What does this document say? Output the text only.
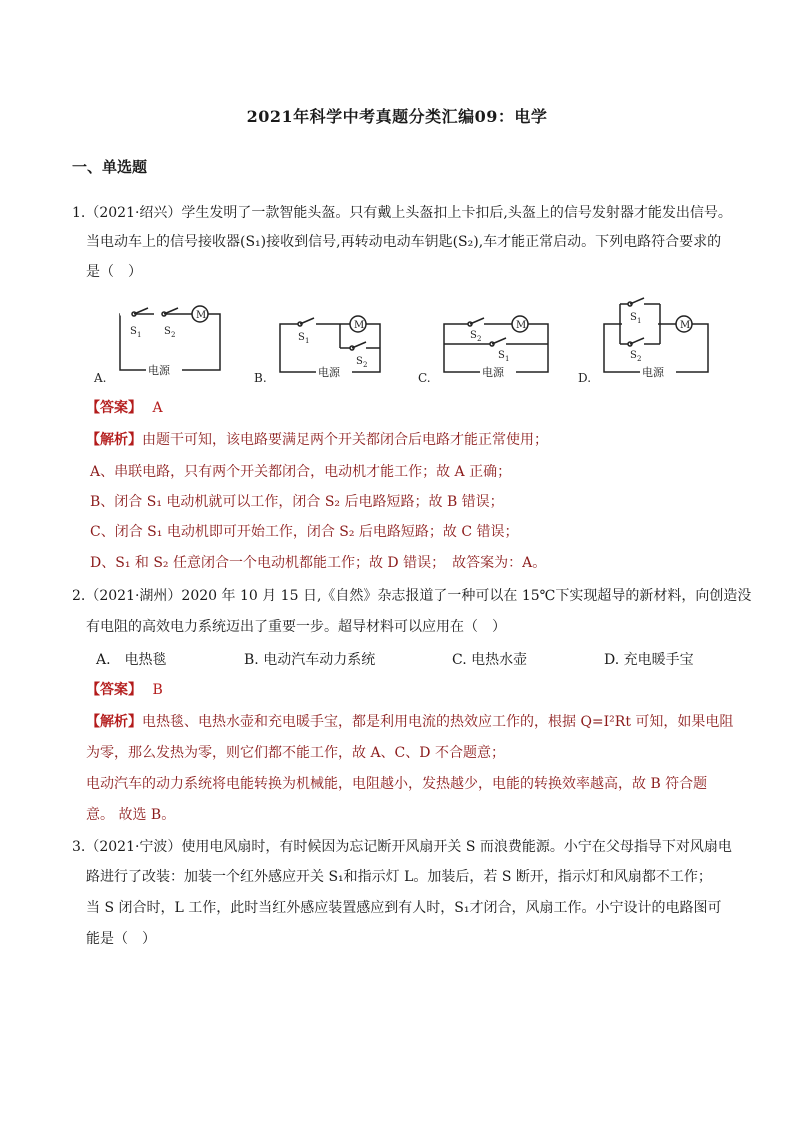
2021年科学中考真题分类汇编09：电学
一、单选题
1.（2021·绍兴）学生发明了一款智能头盔。只有戴上头盔扣上卡扣后,头盔上的信号发射器才能发出信号。
当电动车上的信号接收器(S₁)接收到信号,再转动电动车钥匙(S₂),车才能正常启动。下列电路符合要求的
是（　）
M
电源
S 1 S 2
A.
M
电源
S 1
S 2
B.
M
电源
S 2
S 1
C.
M
电源
S 1
S 2
D.
【答案】 A
【解析】由题干可知，该电路要满足两个开关都闭合后电路才能正常使用；
A、串联电路，只有两个开关都闭合，电动机才能工作；故 A 正确；
B、闭合 S₁ 电动机就可以工作，闭合 S₂ 后电路短路；故 B 错误；
C、闭合 S₁ 电动机即可开始工作，闭合 S₂ 后电路短路；故 C 错误；
D、S₁ 和 S₂ 任意闭合一个电动机都能工作；故 D 错误；　故答案为：A。
2.（2021·湖州）2020 年 10 月 15 日,《自然》杂志报道了一种可以在 15℃下实现超导的新材料，向创造没
有电阻的高效电力系统迈出了重要一步。超导材料可以应用在（　）
A.　电热毯	B. 电动汽车动力系统	C. 电热水壶	D. 充电暖手宝
【答案】 B
【解析】电热毯、电热水壶和充电暖手宝，都是利用电流的热效应工作的，根据 Q=I²Rt 可知，如果电阻
为零，那么发热为零，则它们都不能工作，故 A、C、D 不合题意；
电动汽车的动力系统将电能转换为机械能，电阻越小，发热越少，电能的转换效率越高，故 B 符合题
意。 故选 B。
3.（2021·宁波）使用电风扇时，有时候因为忘记断开风扇开关 S 而浪费能源。小宁在父母指导下对风扇电
路进行了改装：加装一个红外感应开关 S₁和指示灯 L。加装后，若 S 断开，指示灯和风扇都不工作；
当 S 闭合时，L 工作，此时当红外感应装置感应到有人时，S₁才闭合，风扇工作。小宁设计的电路图可
能是（　）
